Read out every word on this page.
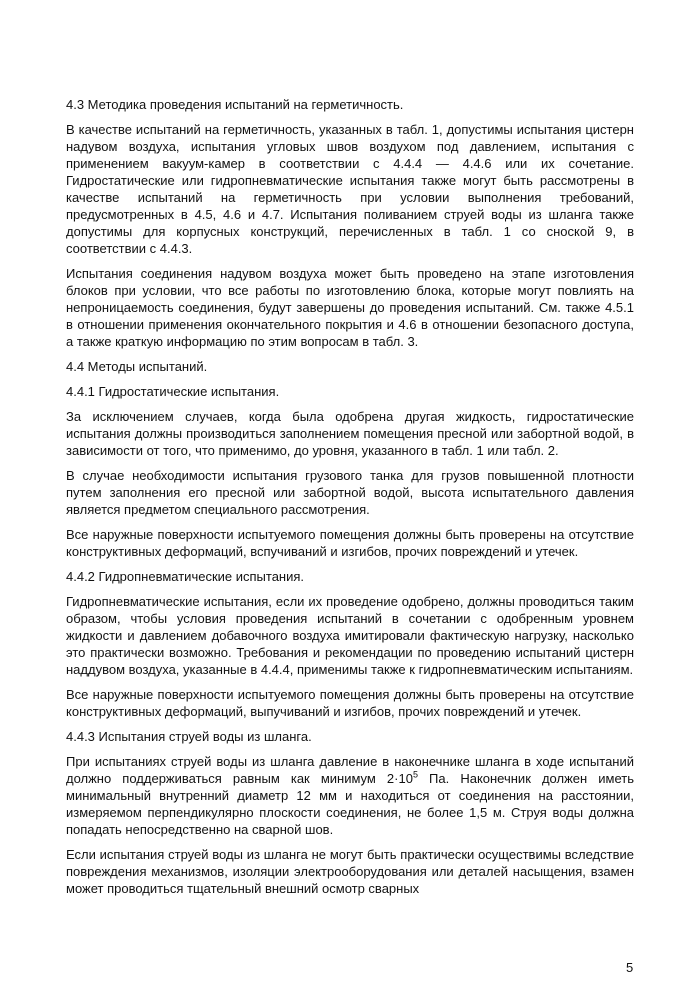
4.3 Методика проведения испытаний на герметичность.
В качестве испытаний на герметичность, указанных в табл. 1, допустимы испытания цистерн надувом воздуха, испытания угловых швов воздухом под давлением, испытания с применением вакуум-камер в соответствии с 4.4.4 — 4.4.6 или их сочетание. Гидростатические или гидропневматические испытания также могут быть рассмотрены в качестве испытаний на герметичность при условии выполнения требований, предусмотренных в 4.5, 4.6 и 4.7. Испытания поливанием струей воды из шланга также допустимы для корпусных конструкций, перечисленных в табл. 1 со сноской 9, в соответствии с 4.4.3.
Испытания соединения надувом воздуха может быть проведено на этапе изготовления блоков при условии, что все работы по изготовлению блока, которые могут повлиять на непроницаемость соединения, будут завершены до проведения испытаний. См. также 4.5.1 в отношении применения окончательного покрытия и 4.6 в отношении безопасного доступа, а также краткую информацию по этим вопросам в табл. 3.
4.4 Методы испытаний.
4.4.1 Гидростатические испытания.
За исключением случаев, когда была одобрена другая жидкость, гидростатические испытания должны производиться заполнением помещения пресной или забортной водой, в зависимости от того, что применимо, до уровня, указанного в табл. 1 или табл. 2.
В случае необходимости испытания грузового танка для грузов повышенной плотности путем заполнения его пресной или забортной водой, высота испытательного давления является предметом специального рассмотрения.
Все наружные поверхности испытуемого помещения должны быть проверены на отсутствие конструктивных деформаций, вспучиваний и изгибов, прочих повреждений и утечек.
4.4.2 Гидропневматические испытания.
Гидропневматические испытания, если их проведение одобрено, должны проводиться таким образом, чтобы условия проведения испытаний в сочетании с одобренным уровнем жидкости и давлением добавочного воздуха имитировали фактическую нагрузку, насколько это практически возможно. Требования и рекомендации по проведению испытаний цистерн наддувом воздуха, указанные в 4.4.4, применимы также к гидропневматическим испытаниям.
Все наружные поверхности испытуемого помещения должны быть проверены на отсутствие конструктивных деформаций, выпучиваний и изгибов, прочих повреждений и утечек.
4.4.3 Испытания струей воды из шланга.
При испытаниях струей воды из шланга давление в наконечнике шланга в ходе испытаний должно поддерживаться равным как минимум $2\cdot 10^5$ Па. Наконечник должен иметь минимальный внутренний диаметр 12 мм и находиться от соединения на расстоянии, измеряемом перпендикулярно плоскости соединения, не более 1,5 м. Струя воды должна попадать непосредственно на сварной шов.
Если испытания струей воды из шланга не могут быть практически осуществимы вследствие повреждения механизмов, изоляции электрооборудования или деталей насыщения, взамен может проводиться тщательный внешний осмотр сварных
5
